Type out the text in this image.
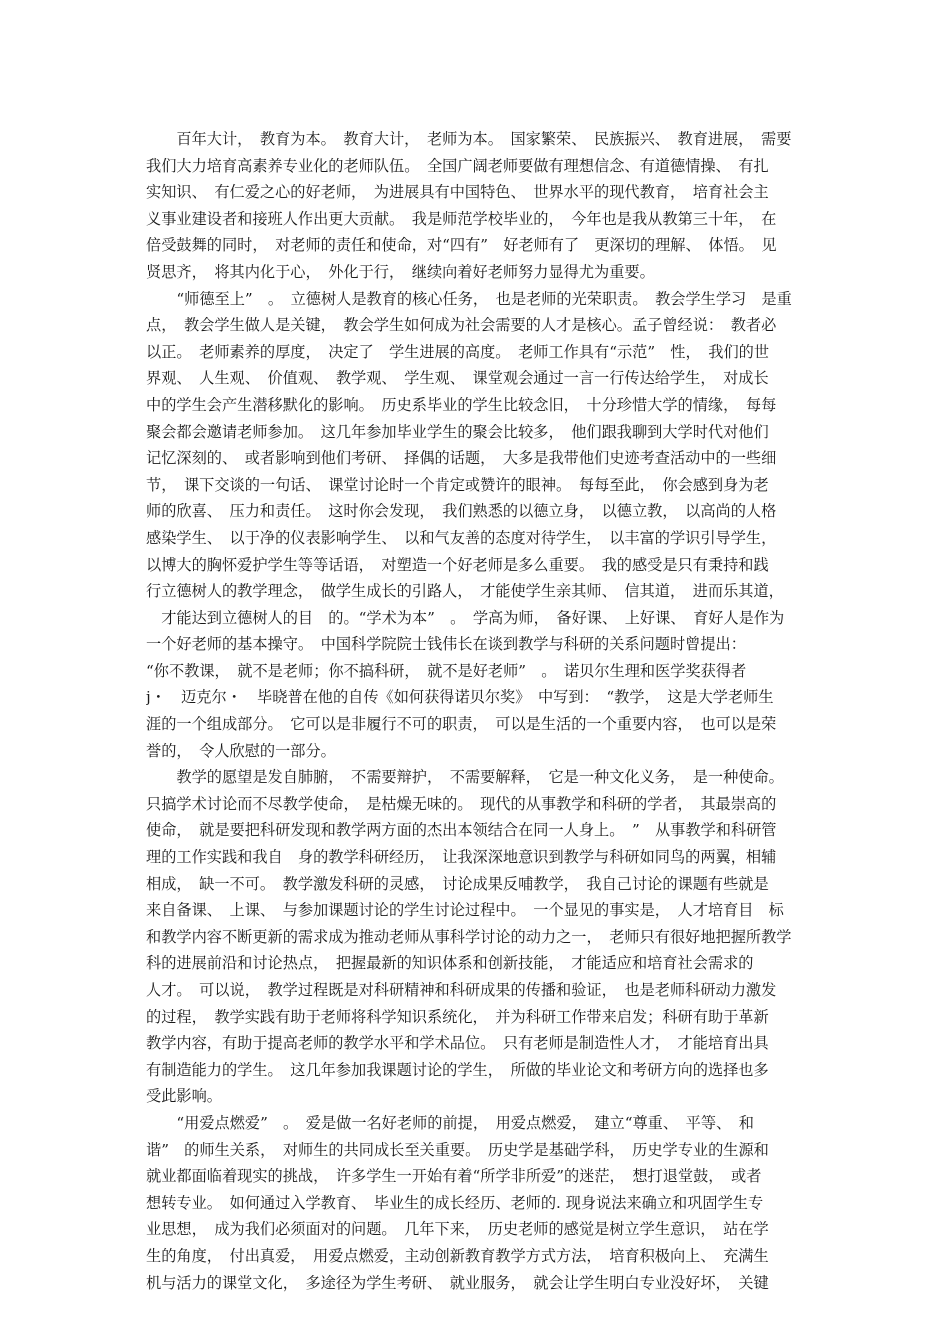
　　百年大计，　教育为本。　教育大计，　老师为本。　国家繁荣、　民族振兴、　教育进展，　需要
我们大力培育高素养专业化的老师队伍。　全国广阔老师要做有理想信念、有道德情操、　有扎
实知识、　有仁爱之心的好老师，　为进展具有中国特色、　世界水平的现代教育，　培育社会主
义事业建设者和接班人作出更大贡献。　我是师范学校毕业的，　今年也是我从教第三十年，　在
倍受鼓舞的同时，　对老师的责任和使命，对“四有”　好老师有了　更深切的理解、　体悟。　见
贤思齐，　将其内化于心，　外化于行，　继续向着好老师努力显得尤为重要。
　　“师德至上”　。　立德树人是教育的核心任务，　也是老师的光荣职责。　教会学生学习　是重
点，　教会学生做人是关键，　教会学生如何成为社会需要的人才是核心。孟子曾经说：　教者必
以正。　老师素养的厚度，　决定了　学生进展的高度。　老师工作具有“示范”　性，　我们的世
界观、　人生观、　价值观、　教学观、　学生观、　课堂观会通过一言一行传达给学生，　对成长
中的学生会产生潜移默化的影响。　历史系毕业的学生比较念旧，　十分珍惜大学的情缘，　每每
聚会都会邀请老师参加。　这几年参加毕业学生的聚会比较多，　他们跟我聊到大学时代对他们
记忆深刻的、　或者影响到他们考研、　择偶的话题，　大多是我带他们史迹考查活动中的一些细
节，　课下交谈的一句话、　课堂讨论时一个肯定或赞许的眼神。　每每至此，　你会感到身为老
师的欣喜、　压力和责任。　这时你会发现，　我们熟悉的以德立身，　以德立教，　以高尚的人格
感染学生、　以于净的仪表影响学生、　以和气友善的态度对待学生，　以丰富的学识引导学生，
以博大的胸怀爱护学生等等话语，　对塑造一个好老师是多么重要。　我的感受是只有秉持和践
行立德树人的教学理念，　做学生成长的引路人，　才能使学生亲其师、　信其道，　进而乐其道，
　才能达到立德树人的目　的。“学术为本”　。　学高为师，　备好课、　上好课、　育好人是作为
一个好老师的基本操守。　中国科学院院士钱伟长在谈到教学与科研的关系问题时曾提出：
“你不教课，　就不是老师；你不搞科研，　就不是好老师”　。　诺贝尔生理和医学奖获得者
j・　迈克尔・　毕晓普在他的自传《如何获得诺贝尔奖》　中写到：　“教学，　这是大学老师生
涯的一个组成部分。　它可以是非履行不可的职责，　可以是生活的一个重要内容，　也可以是荣
誉的，　令人欣慰的一部分。
　　教学的愿望是发自肺腑，　不需要辩护，　不需要解释，　它是一种文化义务，　是一种使命。
只搞学术讨论而不尽教学使命，　是枯燥无味的。　现代的从事教学和科研的学者，　其最崇高的
使命，　就是要把科研发现和教学两方面的杰出本领结合在同一人身上。　”　从事教学和科研管
理的工作实践和我自　身的教学科研经历，　让我深深地意识到教学与科研如同鸟的两翼，相辅
相成，　缺一不可。　教学激发科研的灵感，　讨论成果反哺教学，　我自己讨论的课题有些就是
来自备课、　上课、　与参加课题讨论的学生讨论过程中。　一个显见的事实是，　人才培育目　标
和教学内容不断更新的需求成为推动老师从事科学讨论的动力之一，　老师只有很好地把握所教学
科的进展前沿和讨论热点，　把握最新的知识体系和创新技能，　才能适应和培育社会需求的
人才。　可以说，　教学过程既是对科研精神和科研成果的传播和验证，　也是老师科研动力激发
的过程，　教学实践有助于老师将科学知识系统化，　并为科研工作带来启发；科研有助于革新
教学内容，有助于提高老师的教学水平和学术品位。　只有老师是制造性人才，　才能培育出具
有制造能力的学生。　这几年参加我课题讨论的学生，　所做的毕业论文和考研方向的选择也多
受此影响。
　　“用爱点燃爱”　。　爱是做一名好老师的前提，　用爱点燃爱，　建立“尊重、　平等、　和
谐”　的师生关系，　对师生的共同成长至关重要。　历史学是基础学科，　历史学专业的生源和
就业都面临着现实的挑战，　许多学生一开始有着“所学非所爱”的迷茫，　想打退堂鼓，　或者
想转专业。　如何通过入学教育、　毕业生的成长经历、老师的. 现身说法来确立和巩固学生专
业思想，　成为我们必须面对的问题。　几年下来，　历史老师的感觉是树立学生意识，　站在学
生的角度，　付出真爱，　用爱点燃爱，主动创新教育教学方式方法，　培育积极向上、　充满生
机与活力的课堂文化，　多途径为学生考研、　就业服务，　就会让学生明白专业没好坏，　关键
